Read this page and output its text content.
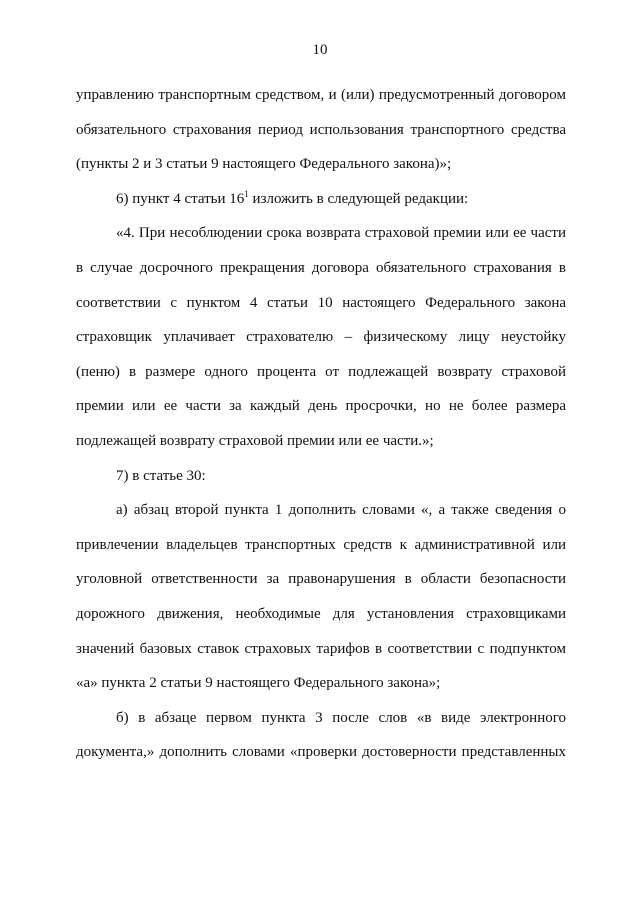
10

управлению транспортным средством, и (или) предусмотренный договором обязательного страхования период использования транспортного средства (пункты 2 и 3 статьи 9 настоящего Федерального закона)»;

6) пункт 4 статьи $16^1$ изложить в следующей редакции:

«4. При несоблюдении срока возврата страховой премии или ее части в случае досрочного прекращения договора обязательного страхования в соответствии с пунктом 4 статьи 10 настоящего Федерального закона страховщик уплачивает страхователю – физическому лицу неустойку (пеню) в размере одного процента от подлежащей возврату страховой премии или ее части за каждый день просрочки, но не более размера подлежащей возврату страховой премии или ее части.»;

7) в статье 30:

а) абзац второй пункта 1 дополнить словами «, а также сведения о привлечении владельцев транспортных средств к административной или уголовной ответственности за правонарушения в области безопасности дорожного движения, необходимые для установления страховщиками значений базовых ставок страховых тарифов в соответствии с подпунктом «а» пункта 2 статьи 9 настоящего Федерального закона»;

б) в абзаце первом пункта 3 после слов «в виде электронного документа,» дополнить словами «проверки достоверности представленных
